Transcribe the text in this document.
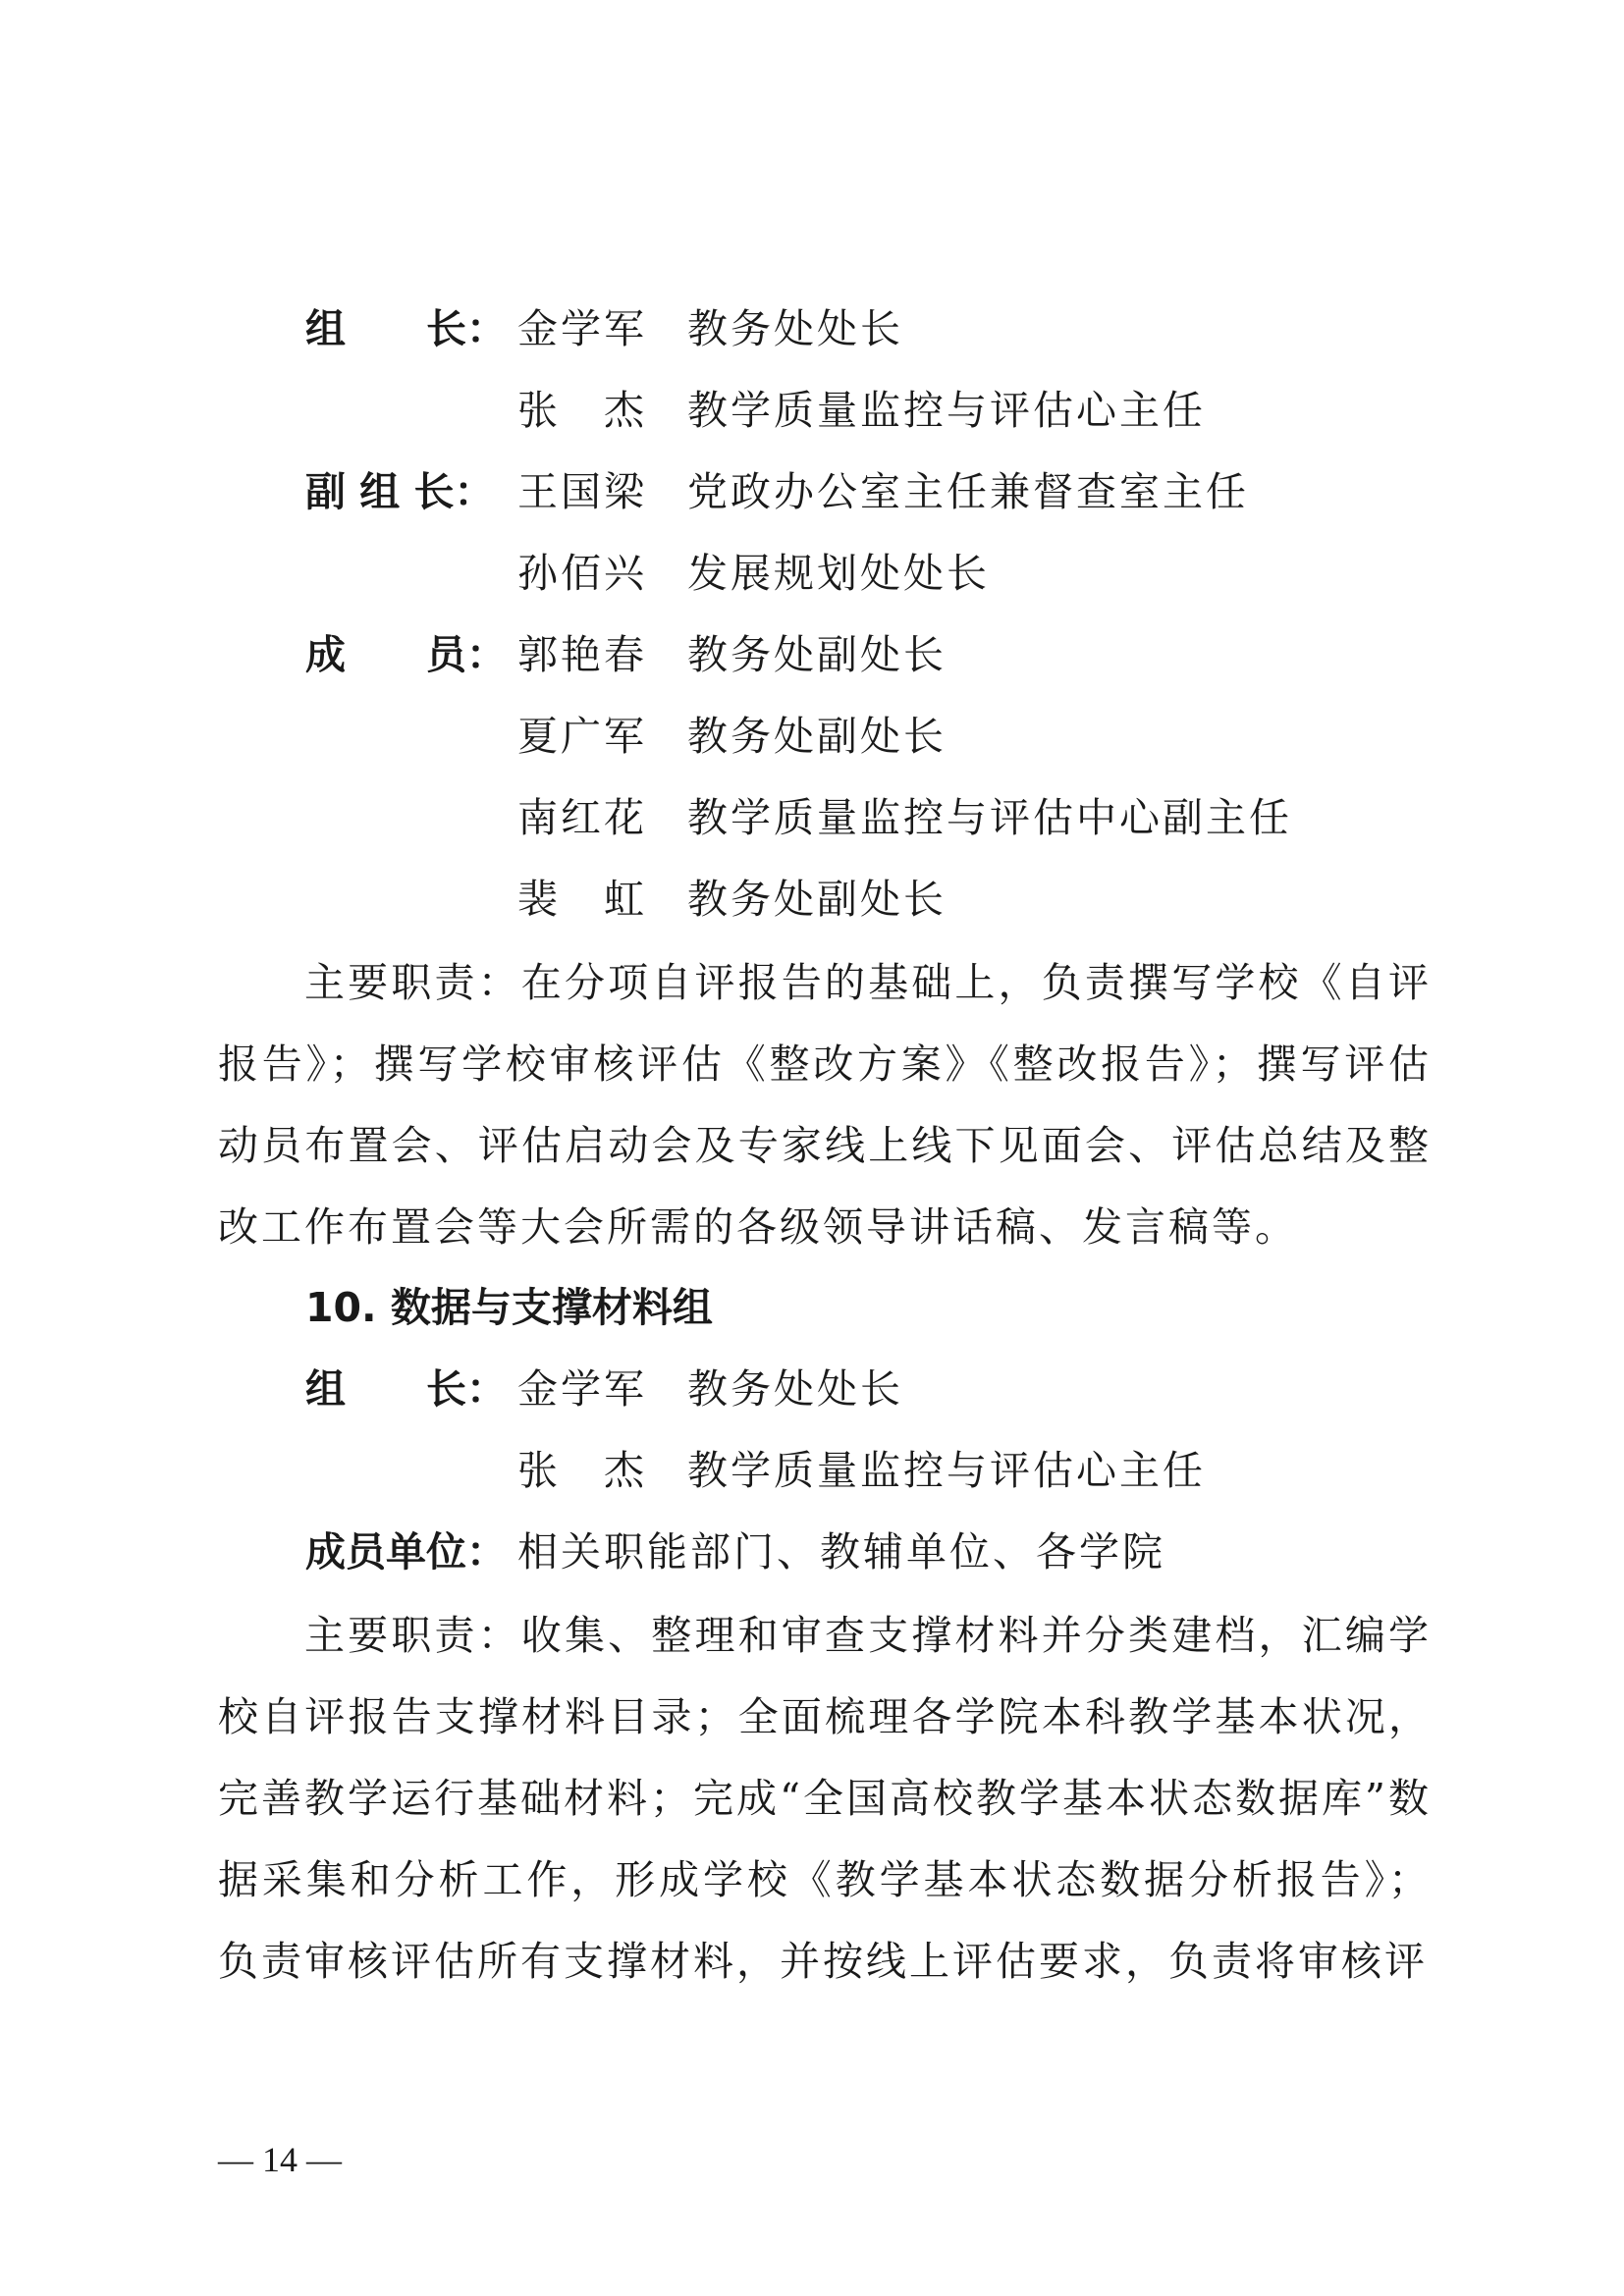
组　　长： 金学军 教务处处长
张　杰 教学质量监控与评估心主任
副 组 长： 王国梁 党政办公室主任兼督查室主任
孙佰兴 发展规划处处长
成　　员： 郭艳春 教务处副处长
夏广军 教务处副处长
南红花 教学质量监控与评估中心副主任
裴　虹 教务处副处长
主要职责：在分项自评报告的基础上，负责撰写学校《自评报告》；撰写学校审核评估《整改方案》《整改报告》；撰写评估动员布置会、评估启动会及专家线上线下见面会、评估总结及整改工作布置会等大会所需的各级领导讲话稿、发言稿等。
10. 数据与支撑材料组
组　　长： 金学军 教务处处长
张　杰 教学质量监控与评估心主任
成员单位： 相关职能部门、教辅单位、各学院
主要职责：收集、整理和审查支撑材料并分类建档，汇编学校自评报告支撑材料目录；全面梳理各学院本科教学基本状况，完善教学运行基础材料；完成“全国高校教学基本状态数据库”数据采集和分析工作，形成学校《教学基本状态数据分析报告》；负责审核评估所有支撑材料，并按线上评估要求，负责将审核评
— 14 —
